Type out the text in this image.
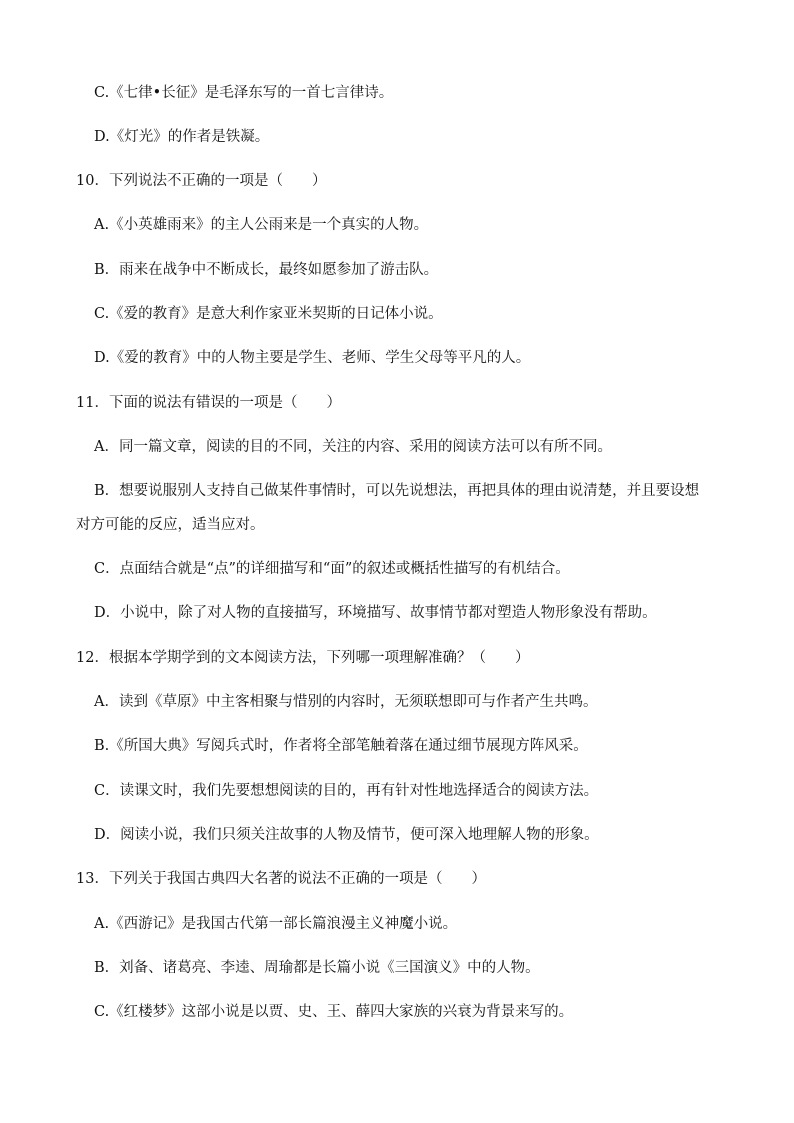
C.《七律•长征》是毛泽东写的一首七言律诗。
D.《灯光》的作者是铁凝。
10．下列说法不正确的一项是（　　）
A.《小英雄雨来》的主人公雨来是一个真实的人物。
B．雨来在战争中不断成长，最终如愿参加了游击队。
C.《爱的教育》是意大利作家亚米契斯的日记体小说。
D.《爱的教育》中的人物主要是学生、老师、学生父母等平凡的人。
11．下面的说法有错误的一项是（　　）
A．同一篇文章，阅读的目的不同，关注的内容、采用的阅读方法可以有所不同。
B．想要说服别人支持自己做某件事情时，可以先说想法，再把具体的理由说清楚，并且要设想
对方可能的反应，适当应对。
C．点面结合就是“点”的详细描写和“面”的叙述或概括性描写的有机结合。
D．小说中，除了对人物的直接描写，环境描写、故事情节都对塑造人物形象没有帮助。
12．根据本学期学到的文本阅读方法，下列哪一项理解准确？（　　）
A．读到《草原》中主客相聚与惜别的内容时，无须联想即可与作者产生共鸣。
B.《所国大典》写阅兵式时，作者将全部笔触着落在通过细节展现方阵风采。
C．读课文时，我们先要想想阅读的目的，再有针对性地选择适合的阅读方法。
D．阅读小说，我们只须关注故事的人物及情节，便可深入地理解人物的形象。
13．下列关于我国古典四大名著的说法不正确的一项是（　　）
A.《西游记》是我国古代第一部长篇浪漫主义神魔小说。
B．刘备、诸葛亮、李逵、周瑜都是长篇小说《三国演义》中的人物。
C.《红楼梦》这部小说是以贾、史、王、薛四大家族的兴衰为背景来写的。
